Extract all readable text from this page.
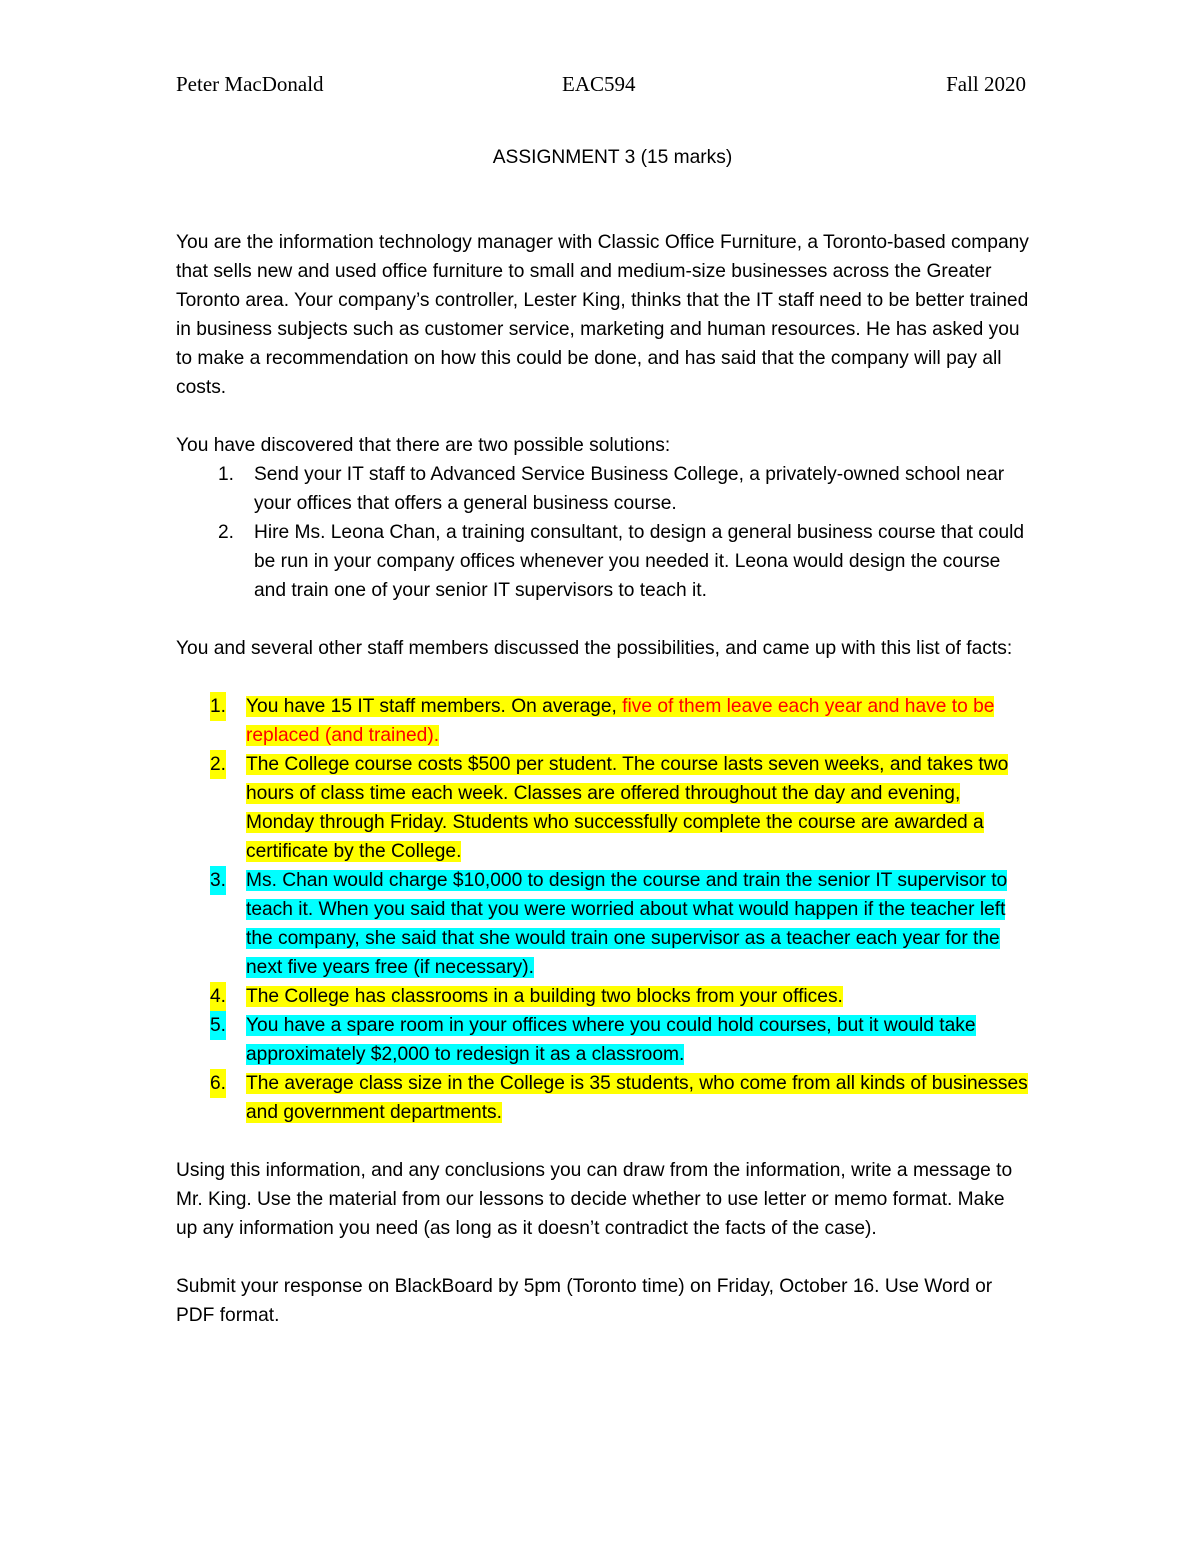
Peter MacDonald	EAC594	Fall 2020
ASSIGNMENT 3 (15 marks)

You are the information technology manager with Classic Office Furniture, a Toronto-based company that sells new and used office furniture to small and medium-size businesses across the Greater Toronto area. Your company’s controller, Lester King, thinks that the IT staff need to be better trained in business subjects such as customer service, marketing and human resources. He has asked you to make a recommendation on how this could be done, and has said that the company will pay all costs.

You have discovered that there are two possible solutions:

1. Send your IT staff to Advanced Service Business College, a privately-owned school near your offices that offers a general business course.
2. Hire Ms. Leona Chan, a training consultant, to design a general business course that could be run in your company offices whenever you needed it. Leona would design the course and train one of your senior IT supervisors to teach it.

You and several other staff members discussed the possibilities, and came up with this list of facts:

1. You have 15 IT staff members. On average, five of them leave each year and have to be replaced (and trained).
2. The College course costs $500 per student. The course lasts seven weeks, and takes two hours of class time each week. Classes are offered throughout the day and evening, Monday through Friday. Students who successfully complete the course are awarded a certificate by the College.
3. Ms. Chan would charge $10,000 to design the course and train the senior IT supervisor to teach it. When you said that you were worried about what would happen if the teacher left the company, she said that she would train one supervisor as a teacher each year for the next five years free (if necessary).
4. The College has classrooms in a building two blocks from your offices.
5. You have a spare room in your offices where you could hold courses, but it would take approximately $2,000 to redesign it as a classroom.
6. The average class size in the College is 35 students, who come from all kinds of businesses and government departments.

Using this information, and any conclusions you can draw from the information, write a message to Mr. King. Use the material from our lessons to decide whether to use letter or memo format. Make up any information you need (as long as it doesn’t contradict the facts of the case).

Submit your response on BlackBoard by 5pm (Toronto time) on Friday, October 16. Use Word or PDF format.
